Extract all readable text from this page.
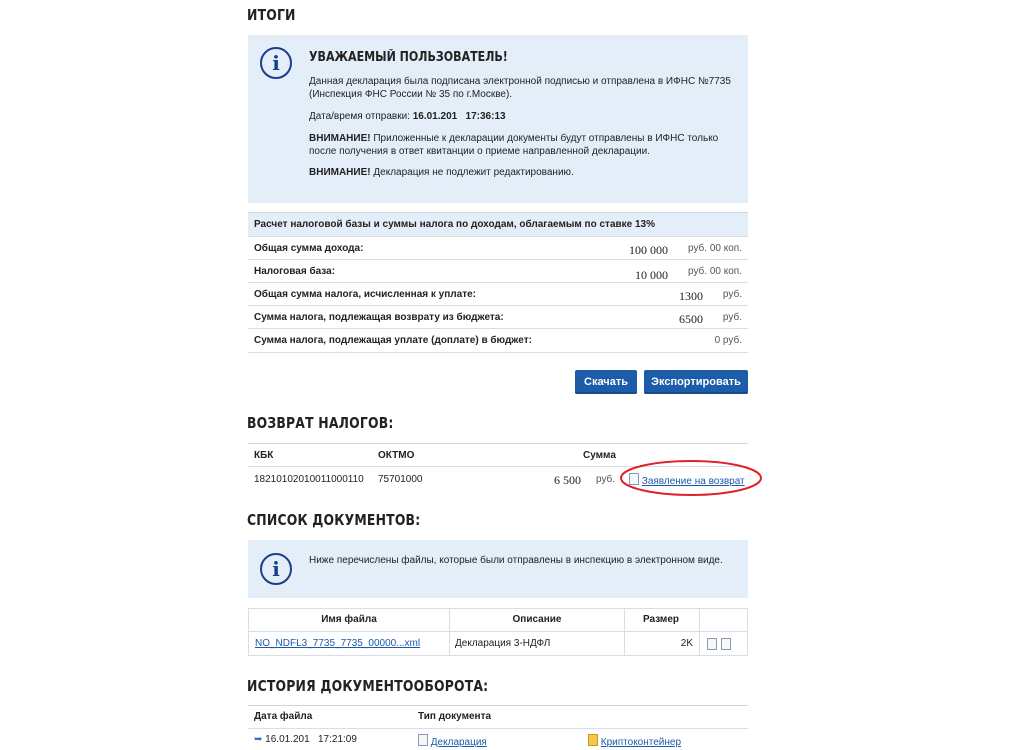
ИТОГИ
i	УВАЖАЕМЫЙ ПОЛЬЗОВАТЕЛЬ!
Данная декларация была подписана электронной подписью и отправлена в ИФНС №7735
(Инспекция ФНС России № 35 по г.Москве).
Дата/время отправки: 16.01.201   17:36:13
ВНИМАНИЕ! Приложенные к декларации документы будут отправлены в ИФНС только
после получения в ответ квитанции о приеме направленной декларации.
ВНИМАНИЕ! Декларация не подлежит редактированию.
Расчет налоговой базы и суммы налога по доходам, облагаемым по ставке 13%
Общая сумма дохода:	100 000 руб. 00 коп.
Налоговая база:	10 000 руб. 00 коп.
Общая сумма налога, исчисленная к уплате:	1300 руб.
Сумма налога, подлежащая возврату из бюджета:	6500 руб.
Сумма налога, подлежащая уплате (доплате) в бюджет:	0 руб.
Скачать	Экспортировать
ВОЗВРАТ НАЛОГОВ:
КБК	ОКТМО	Сумма
18210102010011000110 75701000	6 500 руб.	Заявление на возврат
СПИСОК ДОКУМЕНТОВ:
i	Ниже перечислены файлы, которые были отправлены в инспекцию в электронном виде.
Имя файла	Описание	Размер
NO_NDFL3_7735_7735_00000...xml	Декларация 3-НДФЛ	2K
ИСТОРИЯ ДОКУМЕНТООБОРОТА:
Дата файла	Тип документа
➥ 16.01.201   17:21:09	Декларация	Криптоконтейнер
